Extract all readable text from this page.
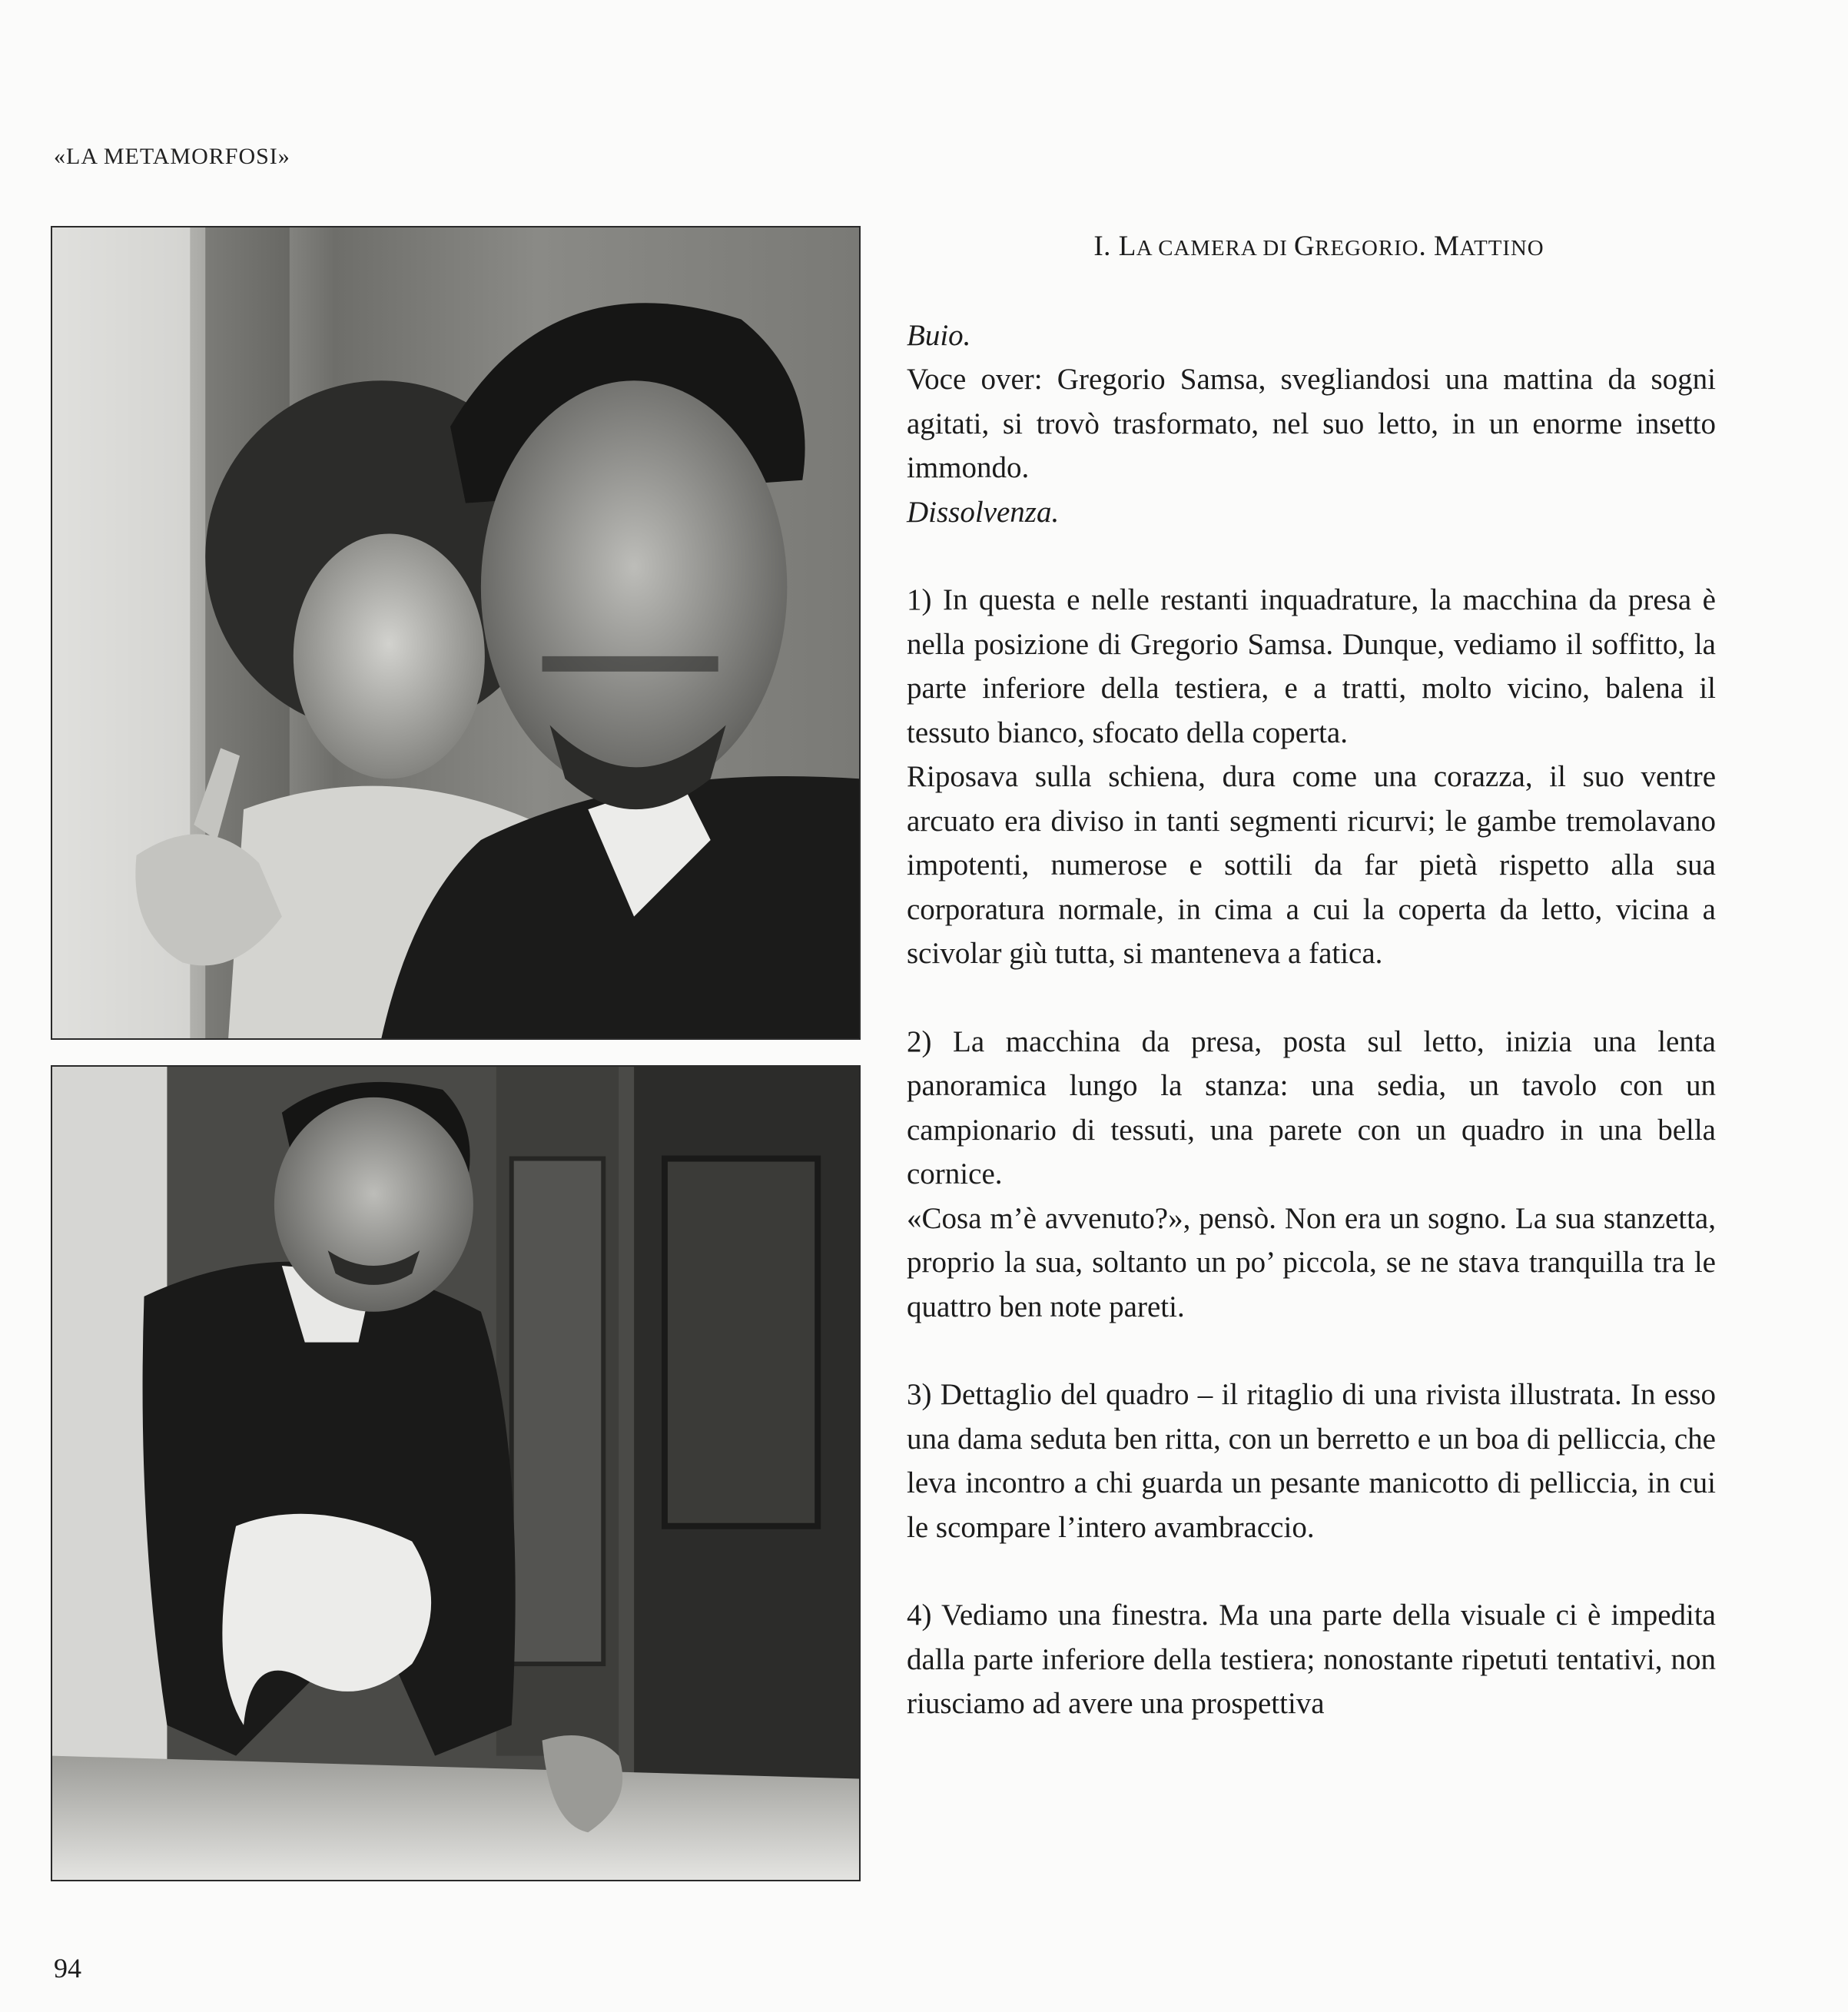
«LA METAMORFOSI»
I. LA CAMERA DI GREGORIO. MATTINO

Buio.

Voce over: Gregorio Samsa, svegliandosi una mattina da sogni agitati, si trovò trasformato, nel suo letto, in un enorme insetto immondo.

Dissolvenza.

1) In questa e nelle restanti inquadrature, la macchina da presa è nella posizione di Gregorio Samsa. Dunque, vediamo il soffitto, la parte inferiore della testiera, e a tratti, molto vicino, balena il tessuto bianco, sfocato della coperta.

Riposava sulla schiena, dura come una corazza, il suo ventre arcuato era diviso in tanti segmenti ricurvi; le gambe tremolavano impotenti, numerose e sottili da far pietà rispetto alla sua corporatura normale, in cima a cui la coperta da letto, vicina a scivolar giù tutta, si manteneva a fatica.

2) La macchina da presa, posta sul letto, inizia una lenta panoramica lungo la stanza: una sedia, un tavolo con un campionario di tessuti, una parete con un quadro in una bella cornice.

«Cosa m’è avvenuto?», pensò. Non era un sogno. La sua stanzetta, proprio la sua, soltanto un po’ piccola, se ne stava tranquilla tra le quattro ben note pareti.

3) Dettaglio del quadro – il ritaglio di una rivista illustrata. In esso una dama seduta ben ritta, con un berretto e un boa di pelliccia, che leva incontro a chi guarda un pesante manicotto di pelliccia, in cui le scompare l’intero avambraccio.

4) Vediamo una finestra. Ma una parte della visuale ci è impedita dalla parte inferiore della testiera; nonostante ripetuti tentativi, non riusciamo ad avere una prospettiva

94
